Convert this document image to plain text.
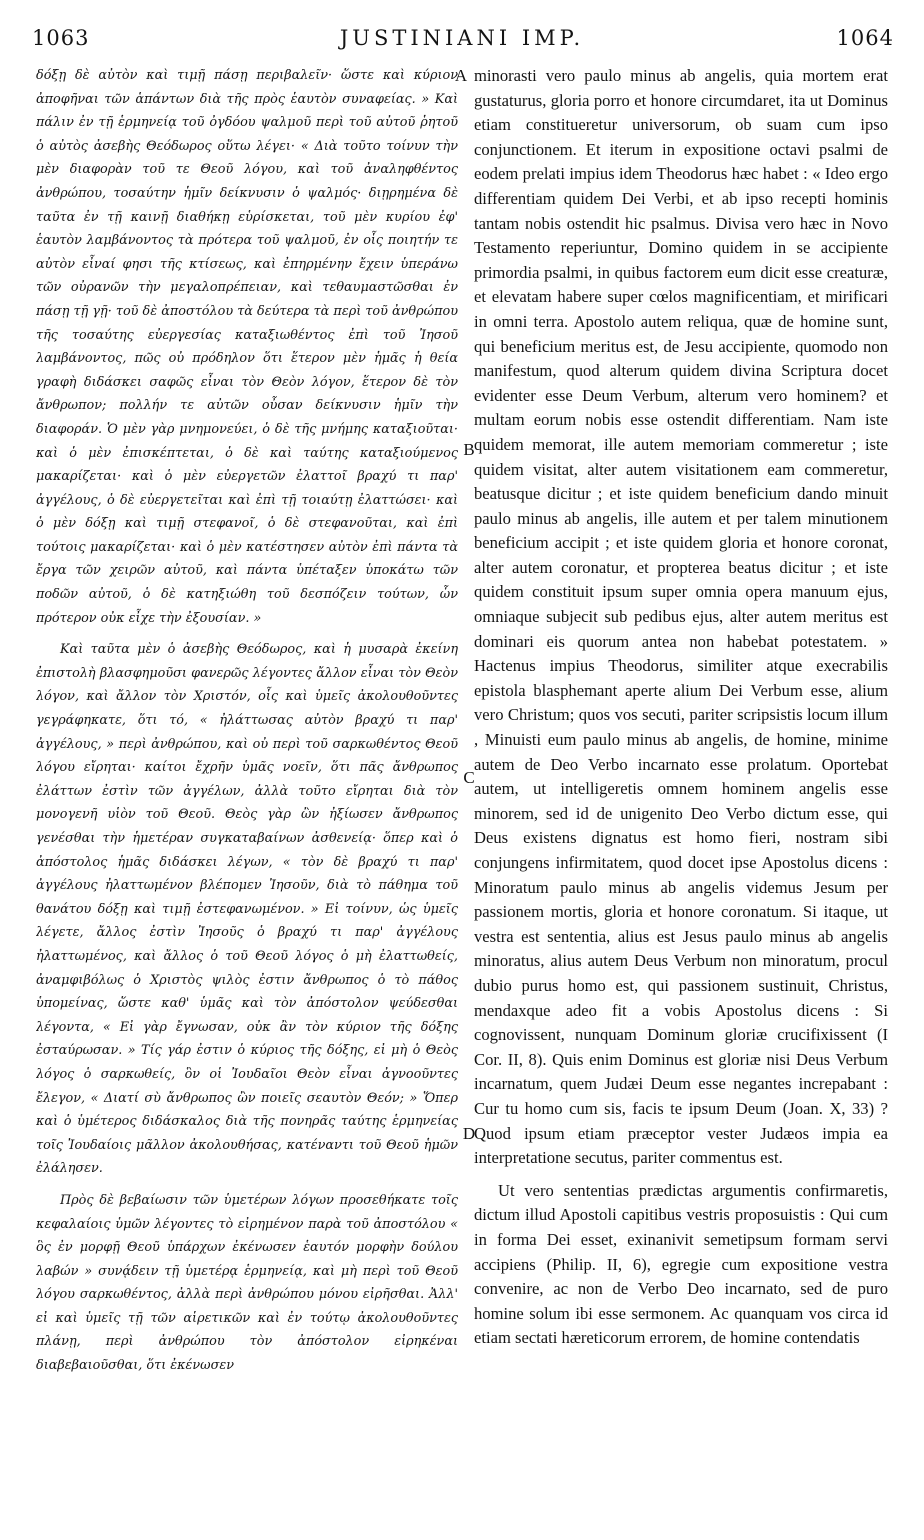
1063	JUSTINIANI IMP.	1064

δόξῃ δὲ αὐτὸν καὶ τιμῇ πάσῃ περιβαλεῖν· ὥστε καὶ κύριον ἀποφῆναι τῶν ἁπάντων διὰ τῆς πρὸς ἑαυτὸν συναφείας. » Καὶ πάλιν ἐν τῇ ἑρμηνείᾳ τοῦ ὀγδόου ψαλμοῦ περὶ τοῦ αὐτοῦ ῥητοῦ ὁ αὐτὸς ἀσεβὴς Θεόδωρος οὕτω λέγει· « Διὰ τοῦτο τοίνυν τὴν μὲν διαφορὰν τοῦ τε Θεοῦ λόγου, καὶ τοῦ ἀναληφθέντος ἀνθρώπου, τοσαύτην ἡμῖν δείκνυσιν ὁ ψαλμός· διῃρημένα δὲ ταῦτα ἐν τῇ καινῇ διαθήκῃ εὑρίσκεται, τοῦ μὲν κυρίου ἐφ' ἑαυτὸν λαμβάνοντος τὰ πρότερα τοῦ ψαλμοῦ, ἐν οἷς ποιητήν τε αὐτὸν εἶναί φησι τῆς κτίσεως, καὶ ἐπηρμένην ἔχειν ὑπεράνω τῶν οὐρανῶν τὴν μεγαλοπρέπειαν, καὶ τεθαυμαστῶσθαι ἐν πάσῃ τῇ γῇ· τοῦ δὲ ἀποστόλου τὰ δεύτερα τὰ περὶ τοῦ ἀνθρώπου τῆς τοσαύτης εὐεργεσίας καταξιωθέντος ἐπὶ τοῦ Ἰησοῦ λαμβάνοντος, πῶς οὐ πρόδηλον ὅτι ἕτερον μὲν ἡμᾶς ἡ θεία γραφὴ διδάσκει σαφῶς εἶναι τὸν Θεὸν λόγον, ἕτερον δὲ τὸν ἄνθρωπον; πολλήν τε αὐτῶν οὖσαν δείκνυσιν ἡμῖν τὴν διαφοράν. Ὁ μὲν γὰρ μνημονεύει, ὁ δὲ τῆς μνήμης καταξιοῦται· καὶ ὁ μὲν ἐπισκέπτεται, ὁ δὲ καὶ ταύτης καταξιούμενος μακαρίζεται· καὶ ὁ μὲν εὐεργετῶν ἐλαττοῖ βραχύ τι παρ' ἀγγέλους, ὁ δὲ εὐεργετεῖται καὶ ἐπὶ τῇ τοιαύτῃ ἐλαττώσει· καὶ ὁ μὲν δόξῃ καὶ τιμῇ στεφανοῖ, ὁ δὲ στεφανοῦται, καὶ ἐπὶ τούτοις μακαρίζεται· καὶ ὁ μὲν κατέστησεν αὐτὸν ἐπὶ πάντα τὰ ἔργα τῶν χειρῶν αὐτοῦ, καὶ πάντα ὑπέταξεν ὑποκάτω τῶν ποδῶν αὐτοῦ, ὁ δὲ κατηξιώθη τοῦ δεσπόζειν τούτων, ὧν πρότερον οὐκ εἶχε τὴν ἐξουσίαν. »

Καὶ ταῦτα μὲν ὁ ἀσεβὴς Θεόδωρος, καὶ ἡ μυσαρὰ ἐκείνη ἐπιστολὴ βλασφημοῦσι φανερῶς λέγοντες ἄλλον εἶναι τὸν Θεὸν λόγον, καὶ ἄλλον τὸν Χριστόν, οἷς καὶ ὑμεῖς ἀκολουθοῦντες γεγράφηκατε, ὅτι τό, « ἠλάττωσας αὐτὸν βραχύ τι παρ' ἀγγέλους, » περὶ ἀνθρώπου, καὶ οὐ περὶ τοῦ σαρκωθέντος Θεοῦ λόγου εἴρηται· καίτοι ἔχρῆν ὑμᾶς νοεῖν, ὅτι πᾶς ἄνθρωπος ἐλάττων ἐστὶν τῶν ἀγγέλων, ἀλλὰ τοῦτο εἴρηται διὰ τὸν μονογενῆ υἱὸν τοῦ Θεοῦ. Θεὸς γὰρ ὢν ἠξίωσεν ἄνθρωπος γενέσθαι τὴν ἡμετέραν συγκαταβαίνων ἀσθενείᾳ· ὅπερ καὶ ὁ ἀπόστολος ἡμᾶς διδάσκει λέγων, « τὸν δὲ βραχύ τι παρ' ἀγγέλους ἠλαττωμένον βλέπομεν Ἰησοῦν, διὰ τὸ πάθημα τοῦ θανάτου δόξῃ καὶ τιμῇ ἐστεφανωμένον. » Εἰ τοίνυν, ὡς ὑμεῖς λέγετε, ἄλλος ἐστὶν Ἰησοῦς ὁ βραχύ τι παρ' ἀγγέλους ἠλαττωμένος, καὶ ἄλλος ὁ τοῦ Θεοῦ λόγος ὁ μὴ ἐλαττωθείς, ἀναμφιβόλως ὁ Χριστὸς ψιλὸς ἐστιν ἄνθρωπος ὁ τὸ πάθος ὑπομείνας, ὥστε καθ' ὑμᾶς καὶ τὸν ἀπόστολον ψεύδεσθαι λέγοντα, « Εἰ γὰρ ἔγνωσαν, οὐκ ἂν τὸν κύριον τῆς δόξης ἐσταύρωσαν. » Τίς γάρ ἐστιν ὁ κύριος τῆς δόξης, εἰ μὴ ὁ Θεὸς λόγος ὁ σαρκωθείς, ὃν οἱ Ἰουδαῖοι Θεὸν εἶναι ἀγνοοῦντες ἔλεγον, « Διατί σὺ ἄνθρωπος ὢν ποιεῖς σεαυτὸν Θεόν; » Ὅπερ καὶ ὁ ὑμέτερος διδάσκαλος διὰ τῆς πονηρᾶς ταύτης ἑρμηνείας τοῖς Ἰουδαίοις μᾶλλον ἀκολουθήσας, κατέναντι τοῦ Θεοῦ ἡμῶν ἐλάλησεν.

Πρὸς δὲ βεβαίωσιν τῶν ὑμετέρων λόγων προσεθήκατε τοῖς κεφαλαίοις ὑμῶν λέγοντες τὸ εἰρημένον παρὰ τοῦ ἀποστόλου « ὃς ἐν μορφῇ Θεοῦ ὑπάρχων ἐκένωσεν ἑαυτόν μορφὴν δούλου λαβών » συνᾴδειν τῇ ὑμετέρᾳ ἑρμηνείᾳ, καὶ μὴ περὶ τοῦ Θεοῦ λόγου σαρκωθέντος, ἀλλὰ περὶ ἀνθρώπου μόνου εἰρῆσθαι. Ἀλλ' εἰ καὶ ὑμεῖς τῇ τῶν αἱρετικῶν καὶ ἐν τούτῳ ἀκολουθοῦντες πλάνῃ, περὶ ἀνθρώπου τὸν ἀπόστολον εἰρηκέναι διαβεβαιοῦσθαι, ὅτι ἐκένωσεν

A
B
C
D

minorasti vero paulo minus ab angelis, quia mortem erat gustaturus, gloria porro et honore circumdaret, ita ut Dominus etiam constitueretur universorum, ob suam cum ipso conjunctionem. Et iterum in expositione octavi psalmi de eodem prelati impius idem Theodorus hæc habet : « Ideo ergo differentiam quidem Dei Verbi, et ab ipso recepti hominis tantam nobis ostendit hic psalmus. Divisa vero hæc in Novo Testamento reperiuntur, Domino quidem in se accipiente primordia psalmi, in quibus factorem eum dicit esse creaturæ, et elevatam habere super cœlos magnificentiam, et mirificari in omni terra. Apostolo autem reliqua, quæ de homine sunt, qui beneficium meritus est, de Jesu accipiente, quomodo non manifestum, quod alterum quidem divina Scriptura docet evidenter esse Deum Verbum, alterum vero hominem? et multam eorum nobis esse ostendit differentiam. Nam iste quidem memorat, ille autem memoriam commeretur ; iste quidem visitat, alter autem visitationem eam commeretur, beatusque dicitur ; et iste quidem beneficium dando minuit paulo minus ab angelis, ille autem et per talem minutionem beneficium accipit ; et iste quidem gloria et honore coronat, alter autem coronatur, et propterea beatus dicitur ; et iste quidem constituit ipsum super omnia opera manuum ejus, omniaque subjecit sub pedibus ejus, alter autem meritus est dominari eis quorum antea non habebat potestatem. » Hactenus impius Theodorus, similiter atque execrabilis epistola blasphemant aperte alium Dei Verbum esse, alium vero Christum; quos vos secuti, pariter scripsistis locum illum , Minuisti eum paulo minus ab angelis, de homine, minime autem de Deo Verbo incarnato esse prolatum. Oportebat autem, ut intelligeretis omnem hominem angelis esse minorem, sed id de unigenito Deo Verbo dictum esse, qui Deus existens dignatus est homo fieri, nostram sibi conjungens infirmitatem, quod docet ipse Apostolus dicens : Minoratum paulo minus ab angelis videmus Jesum per passionem mortis, gloria et honore coronatum. Si itaque, ut vestra est sententia, alius est Jesus paulo minus ab angelis minoratus, alius autem Deus Verbum non minoratum, procul dubio purus homo est, qui passionem sustinuit, Christus, mendaxque adeo fit a vobis Apostolus dicens : Si cognovissent, nunquam Dominum gloriæ crucifixissent (I Cor. II, 8). Quis enim Dominus est gloriæ nisi Deus Verbum incarnatum, quem Judæi Deum esse negantes increpabant : Cur tu homo cum sis, facis te ipsum Deum (Joan. X, 33) ? Quod ipsum etiam præceptor vester Judæos impia ea interpretatione secutus, pariter commentus est.

Ut vero sententias prædictas argumentis confirmaretis, dictum illud Apostoli capitibus vestris proposuistis : Qui cum in forma Dei esset, exinanivit semetipsum formam servi accipiens (Philip. II, 6), egregie cum expositione vestra convenire, ac non de Verbo Deo incarnato, sed de puro homine solum ibi esse sermonem. Ac quanquam vos circa id etiam sectati hæreticorum errorem, de homine contendatis
